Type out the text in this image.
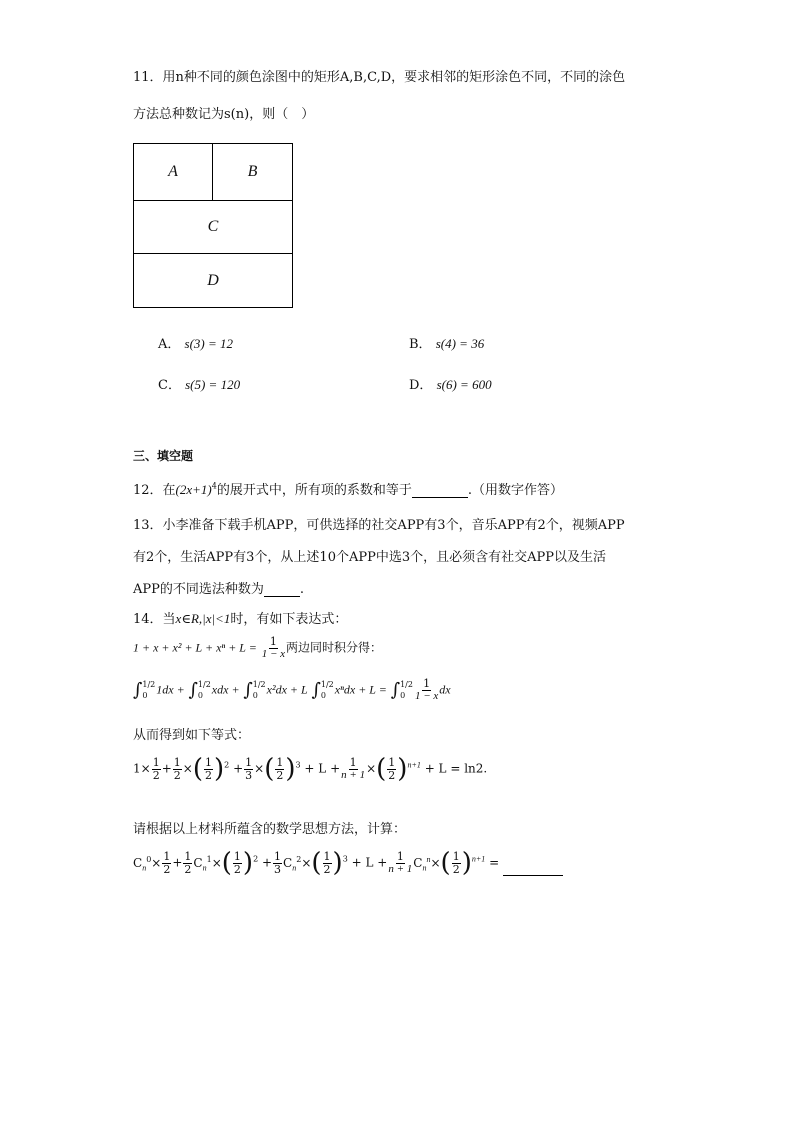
11．用n种不同的颜色涂图中的矩形A,B,C,D，要求相邻的矩形涂色不同，不同的涂色
方法总种数记为s(n)，则（　）
A	B
C
D
A． s(3) = 12	B． s(4) = 36
C． s(5) = 120	D． s(6) = 600
三、填空题
12．在$(2x+1)^4$的展开式中，所有项的系数和等于	.（用数字作答）
13．小李准备下载手机APP，可供选择的社交APP有3个，音乐APP有2个，视频APP
有2个，生活APP有3个，从上述10个APP中选3个，且必须含有社交APP以及生活
APP的不同选法种数为	.
14．当x∈R,|x|<1时，有如下表达式：
$1 + x + x^2 + L + x^n + L = \frac{1}{1 - x}$ 两边同时积分得：
∫ 1/2
0 1dx + ∫ 1/2
0 xdx + ∫ 1/2
0 x²dx + L ∫ 1/2
0 xⁿdx + L = ∫ 1/2
$0 \frac{1}{1 - x}$ dx
从而得到如下等式：
$1\times \frac{1}{2} + \frac{1}{2}$ ×( $\frac{1}{2} )^2 + \frac{1}{3}$ ×( $\frac{1}{2} )^3 + L + \frac{1}{n + 1}$ ×( $\frac{1}{2} )^{n+1} + L = \ln 2$.
请根据以上材料所蕴含的数学思想方法，计算：
$C_n^0\times \frac{1}{2} + \frac{1}{2} C_n^1\times( \frac{1}{2} )^2 + \frac{1}{3} C_n^2\times( \frac{1}{2} )^3 + L + \frac{1}{n + 1} C_n^n\times( \frac{1}{2} )^{n+1}$ =
